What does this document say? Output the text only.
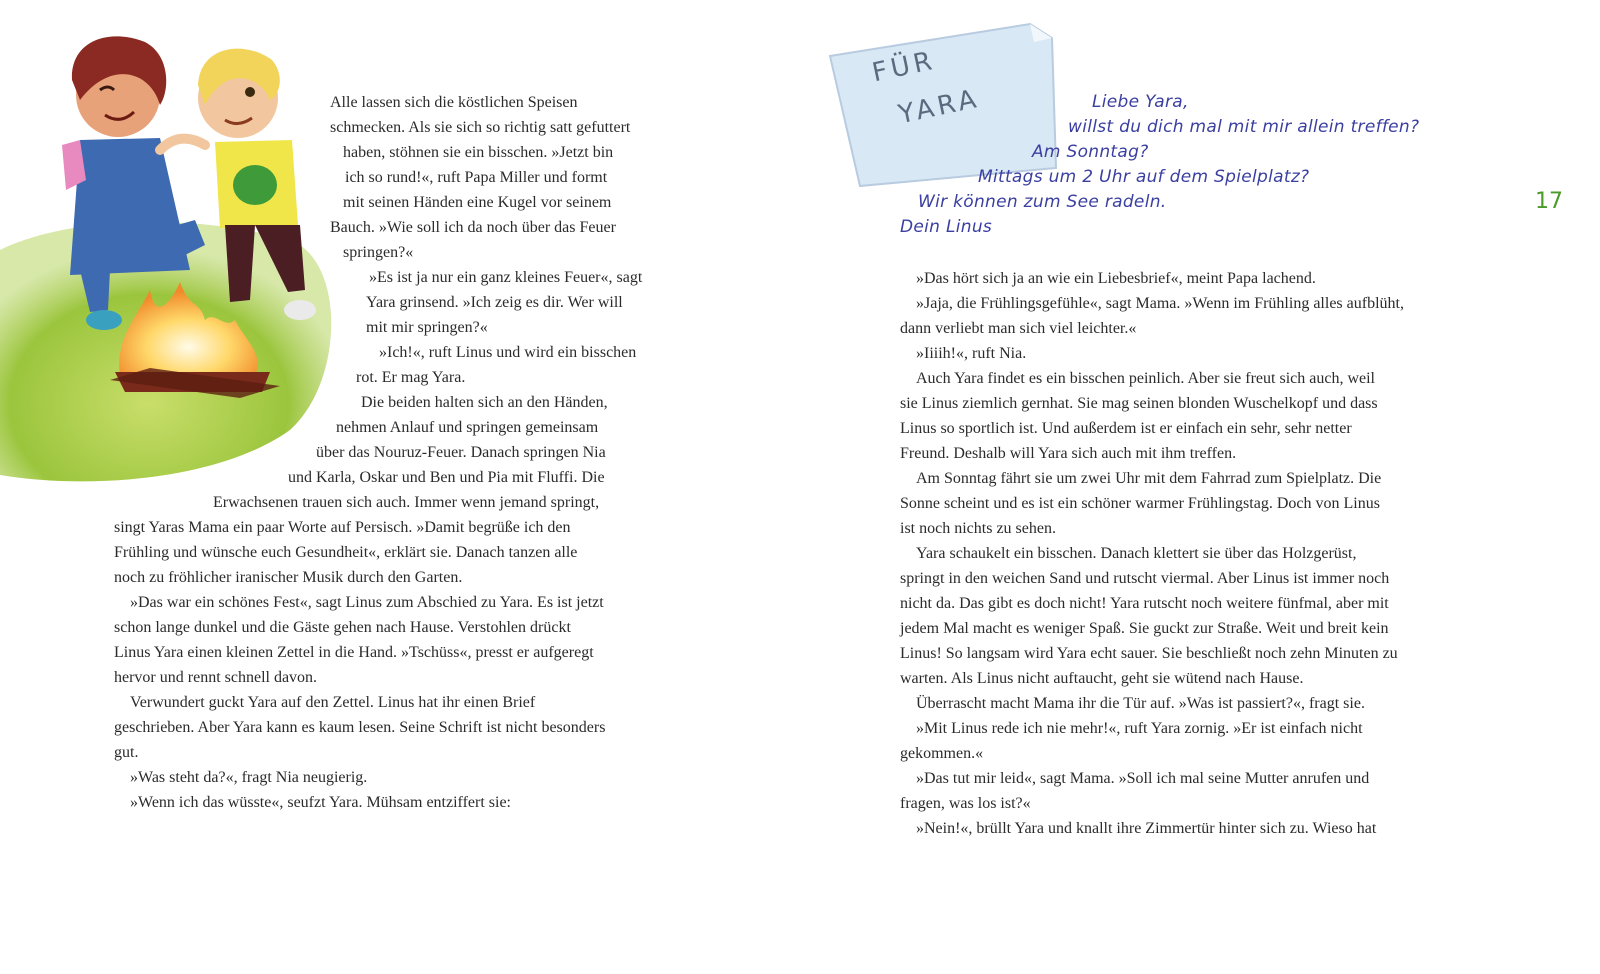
Alle lassen sich die köstlichen Speisen
schmecken. Als sie sich so richtig satt gefuttert
haben, stöhnen sie ein bisschen. »Jetzt bin
ich so rund!«, ruft Papa Miller und formt
mit seinen Händen eine Kugel vor seinem
Bauch. »Wie soll ich da noch über das Feuer
springen?«
»Es ist ja nur ein ganz kleines Feuer«, sagt
Yara grinsend. »Ich zeig es dir. Wer will
mit mir springen?«
»Ich!«, ruft Linus und wird ein bisschen
rot. Er mag Yara.
Die beiden halten sich an den Händen,
nehmen Anlauf und springen gemeinsam
über das Nouruz-Feuer. Danach springen Nia
und Karla, Oskar und Ben und Pia mit Fluffi. Die
Erwachsenen trauen sich auch. Immer wenn jemand springt,
singt Yaras Mama ein paar Worte auf Persisch. »Damit begrüße ich den
Frühling und wünsche euch Gesundheit«, erklärt sie. Danach tanzen alle
noch zu fröhlicher iranischer Musik durch den Garten.
»Das war ein schönes Fest«, sagt Linus zum Abschied zu Yara. Es ist jetzt
schon lange dunkel und die Gäste gehen nach Hause. Verstohlen drückt
Linus Yara einen kleinen Zettel in die Hand. »Tschüss«, presst er aufgeregt
hervor und rennt schnell davon.
Verwundert guckt Yara auf den Zettel. Linus hat ihr einen Brief
geschrieben. Aber Yara kann es kaum lesen. Seine Schrift ist nicht besonders
gut.
»Was steht da?«, fragt Nia neugierig.
»Wenn ich das wüsste«, seufzt Yara. Mühsam entziffert sie:
FÜR
YARA	Liebe Yara,
willst du dich mal mit mir allein treffen?
Am Sonntag?
Mittags um 2 Uhr auf dem Spielplatz?
Wir können zum See radeln.
Dein Linus
17
»Das hört sich ja an wie ein Liebesbrief«, meint Papa lachend.
»Jaja, die Frühlingsgefühle«, sagt Mama. »Wenn im Frühling alles aufblüht,
dann verliebt man sich viel leichter.«
»Iiiih!«, ruft Nia.
Auch Yara findet es ein bisschen peinlich. Aber sie freut sich auch, weil
sie Linus ziemlich gernhat. Sie mag seinen blonden Wuschelkopf und dass
Linus so sportlich ist. Und außerdem ist er einfach ein sehr, sehr netter
Freund. Deshalb will Yara sich auch mit ihm treffen.
Am Sonntag fährt sie um zwei Uhr mit dem Fahrrad zum Spielplatz. Die
Sonne scheint und es ist ein schöner warmer Frühlingstag. Doch von Linus
ist noch nichts zu sehen.
Yara schaukelt ein bisschen. Danach klettert sie über das Holzgerüst,
springt in den weichen Sand und rutscht viermal. Aber Linus ist immer noch
nicht da. Das gibt es doch nicht! Yara rutscht noch weitere fünfmal, aber mit
jedem Mal macht es weniger Spaß. Sie guckt zur Straße. Weit und breit kein
Linus! So langsam wird Yara echt sauer. Sie beschließt noch zehn Minuten zu
warten. Als Linus nicht auftaucht, geht sie wütend nach Hause.
Überrascht macht Mama ihr die Tür auf. »Was ist passiert?«, fragt sie.
»Mit Linus rede ich nie mehr!«, ruft Yara zornig. »Er ist einfach nicht
gekommen.«
»Das tut mir leid«, sagt Mama. »Soll ich mal seine Mutter anrufen und
fragen, was los ist?«
»Nein!«, brüllt Yara und knallt ihre Zimmertür hinter sich zu. Wieso hat
